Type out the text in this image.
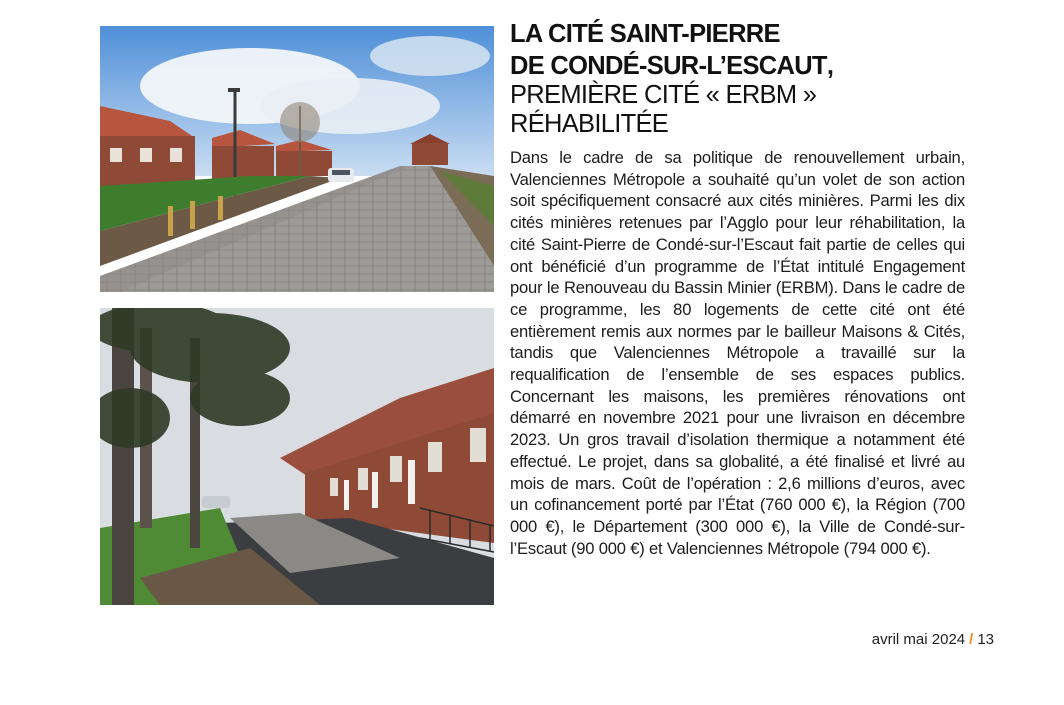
LA CITÉ SAINT-PIERRE
DE CONDÉ-SUR-L’ESCAUT,
PREMIÈRE CITÉ « ERBM » RÉHABILITÉE

Dans le cadre de sa politique de renouvellement urbain, Valenciennes Métropole a souhaité qu’un volet de son action soit spécifiquement consacré aux cités minières. Parmi les dix cités minières retenues par l’Agglo pour leur réhabilitation, la cité Saint-Pierre de Condé-sur-l’Escaut fait partie de celles qui ont bénéficié d’un programme de l’État intitulé Engagement pour le Renouveau du Bassin Minier (ERBM). Dans le cadre de ce programme, les 80 logements de cette cité ont été entièrement remis aux normes par le bailleur Maisons & Cités, tandis que Valenciennes Métropole a travaillé sur la requalification de l’ensemble de ses espaces publics. Concernant les maisons, les premières rénovations ont démarré en novembre 2021 pour une livraison en décembre 2023. Un gros travail d’isolation thermique a notamment été effectué. Le projet, dans sa globalité, a été finalisé et livré au mois de mars. Coût de l’opération : 2,6 millions d’euros, avec un cofinancement porté par l’État (760 000 €), la Région (700 000 €), le Département (300 000 €), la Ville de Condé-sur-l’Escaut (90 000 €) et Valenciennes Métropole (794 000 €).

avril mai 2024 / 13
